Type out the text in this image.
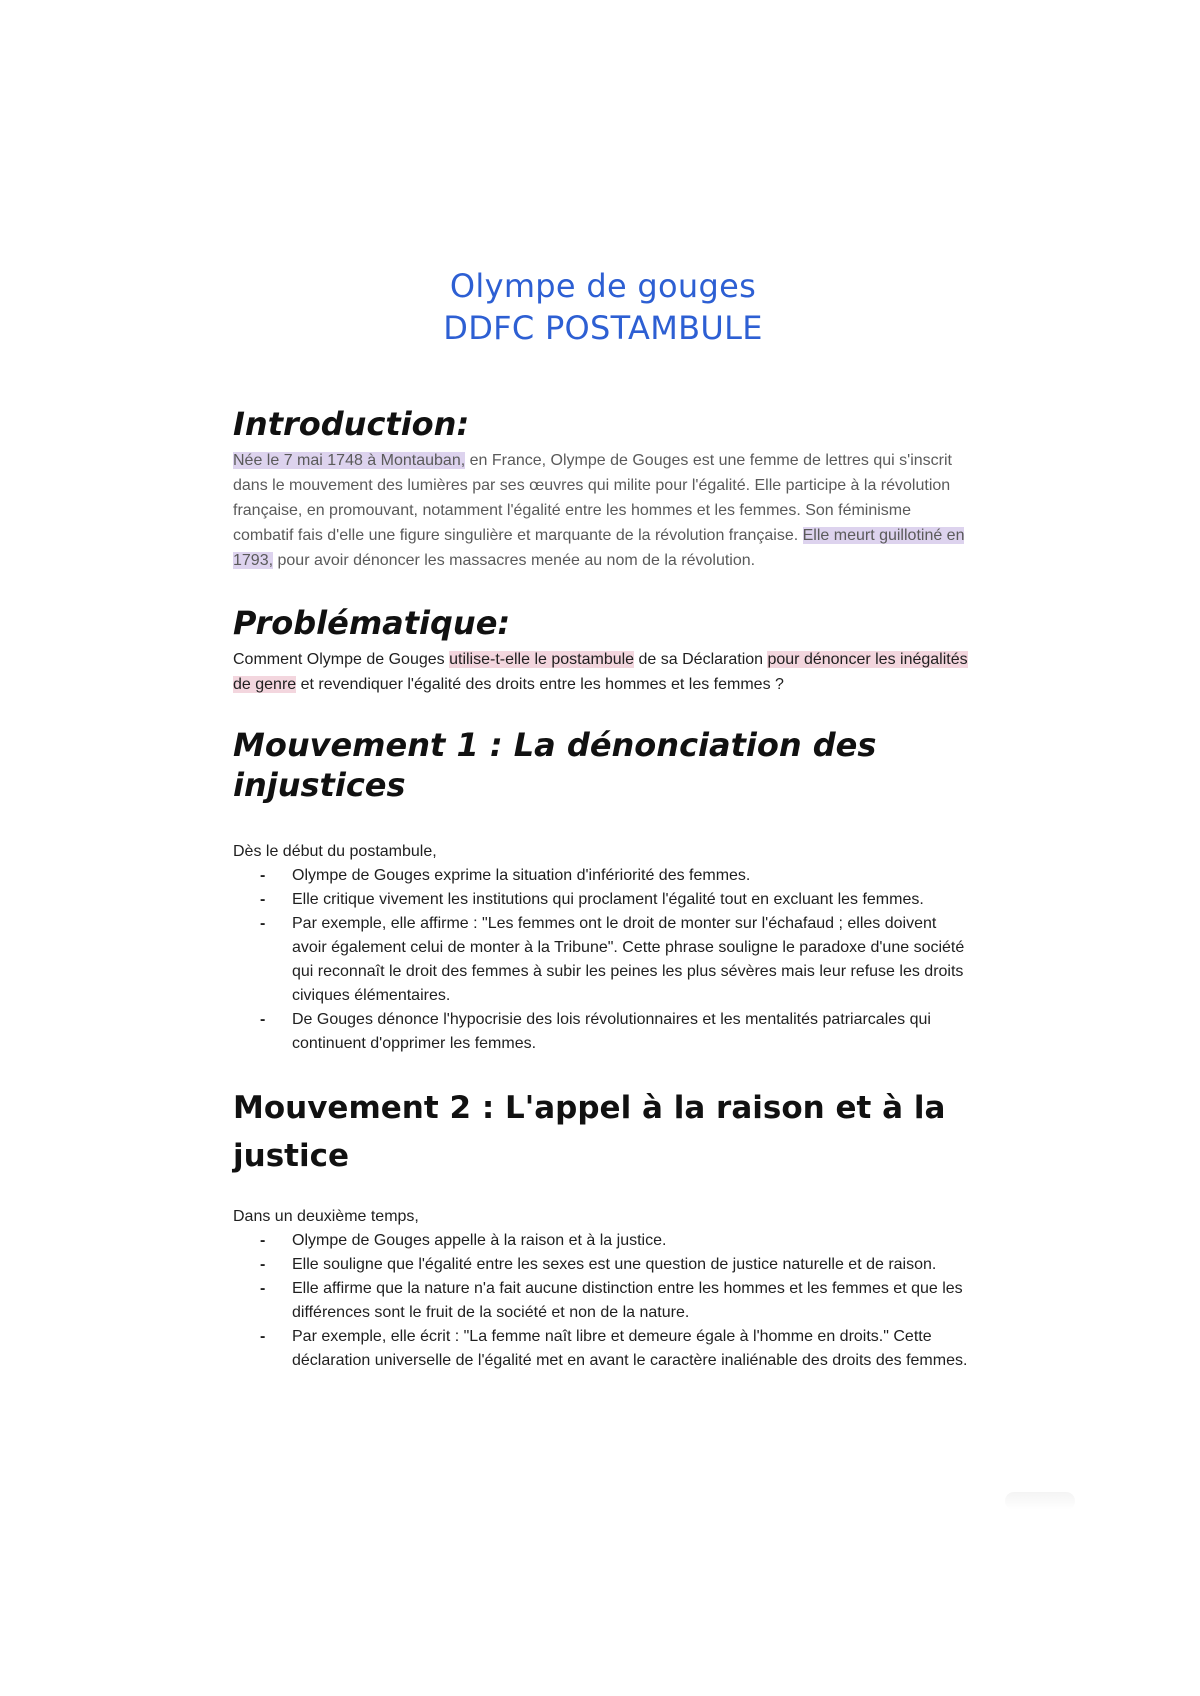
Olympe de gouges
DDFC POSTAMBULE
Introduction:

Née le 7 mai 1748 à Montauban, en France, Olympe de Gouges est une femme de lettres qui s'inscrit dans le mouvement des lumières par ses œuvres qui milite pour l'égalité. Elle participe à la révolution française, en promouvant, notamment l'égalité entre les hommes et les femmes. Son féminisme combatif fais d'elle une figure singulière et marquante de la révolution française. Elle meurt guillotiné en 1793, pour avoir dénoncer les massacres menée au nom de la révolution.

Problématique:

Comment Olympe de Gouges utilise-t-elle le postambule de sa Déclaration pour dénoncer les inégalités de genre et revendiquer l'égalité des droits entre les hommes et les femmes ?

Mouvement 1 : La dénonciation des injustices

Dès le début du postambule,

- Olympe de Gouges exprime la situation d'infériorité des femmes.
- Elle critique vivement les institutions qui proclament l'égalité tout en excluant les femmes.
- Par exemple, elle affirme : "Les femmes ont le droit de monter sur l'échafaud ; elles doivent avoir également celui de monter à la Tribune". Cette phrase souligne le paradoxe d'une société qui reconnaît le droit des femmes à subir les peines les plus sévères mais leur refuse les droits civiques élémentaires.
- De Gouges dénonce l'hypocrisie des lois révolutionnaires et les mentalités patriarcales qui continuent d'opprimer les femmes.
Mouvement 2 : L'appel à la raison et à la justice

Dans un deuxième temps,

- Olympe de Gouges appelle à la raison et à la justice.
- Elle souligne que l'égalité entre les sexes est une question de justice naturelle et de raison.
- Elle affirme que la nature n'a fait aucune distinction entre les hommes et les femmes et que les différences sont le fruit de la société et non de la nature.
- Par exemple, elle écrit : "La femme naît libre et demeure égale à l'homme en droits." Cette déclaration universelle de l'égalité met en avant le caractère inaliénable des droits des femmes.
